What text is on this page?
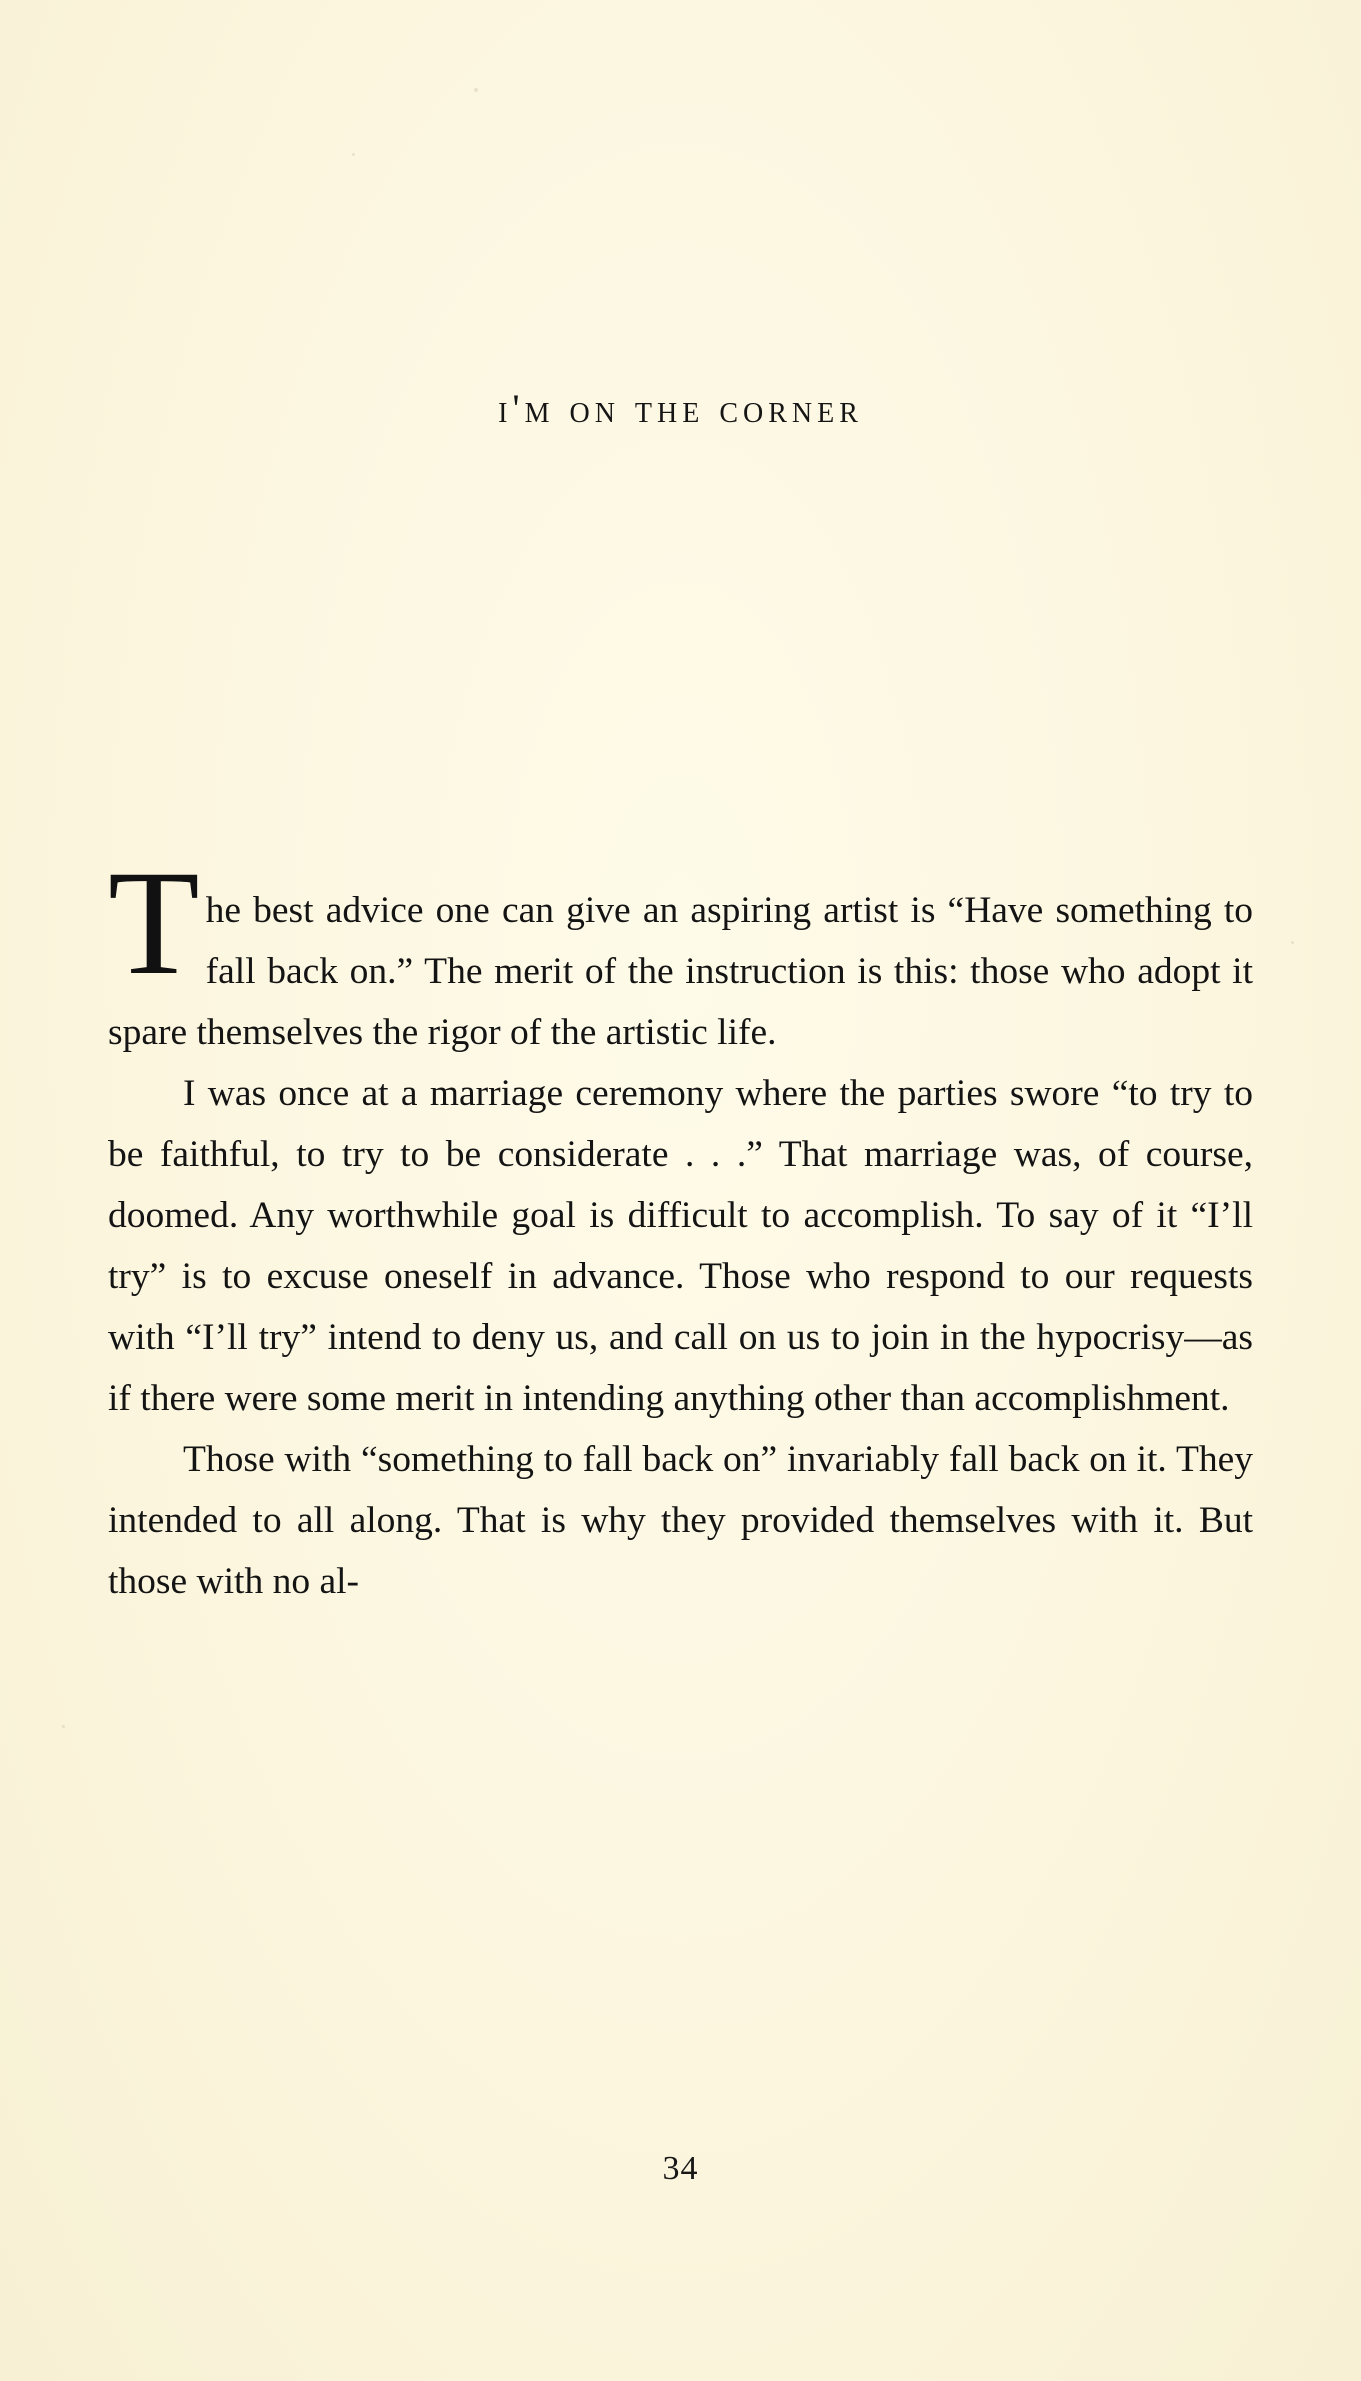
i'm on the corner

The best advice one can give an aspiring artist is “Have something to fall back on.” The merit of the instruction is this: those who adopt it spare themselves the rigor of the artistic life.

I was once at a marriage ceremony where the parties swore “to try to be faithful, to try to be considerate . . .” That marriage was, of course, doomed. Any worthwhile goal is difficult to accomplish. To say of it “I’ll try” is to excuse oneself in advance. Those who respond to our requests with “I’ll try” intend to deny us, and call on us to join in the hypocrisy—as if there were some merit in intending anything other than accomplishment.

Those with “something to fall back on” invariably fall back on it. They intended to all along. That is why they provided themselves with it. But those with no al-

34
